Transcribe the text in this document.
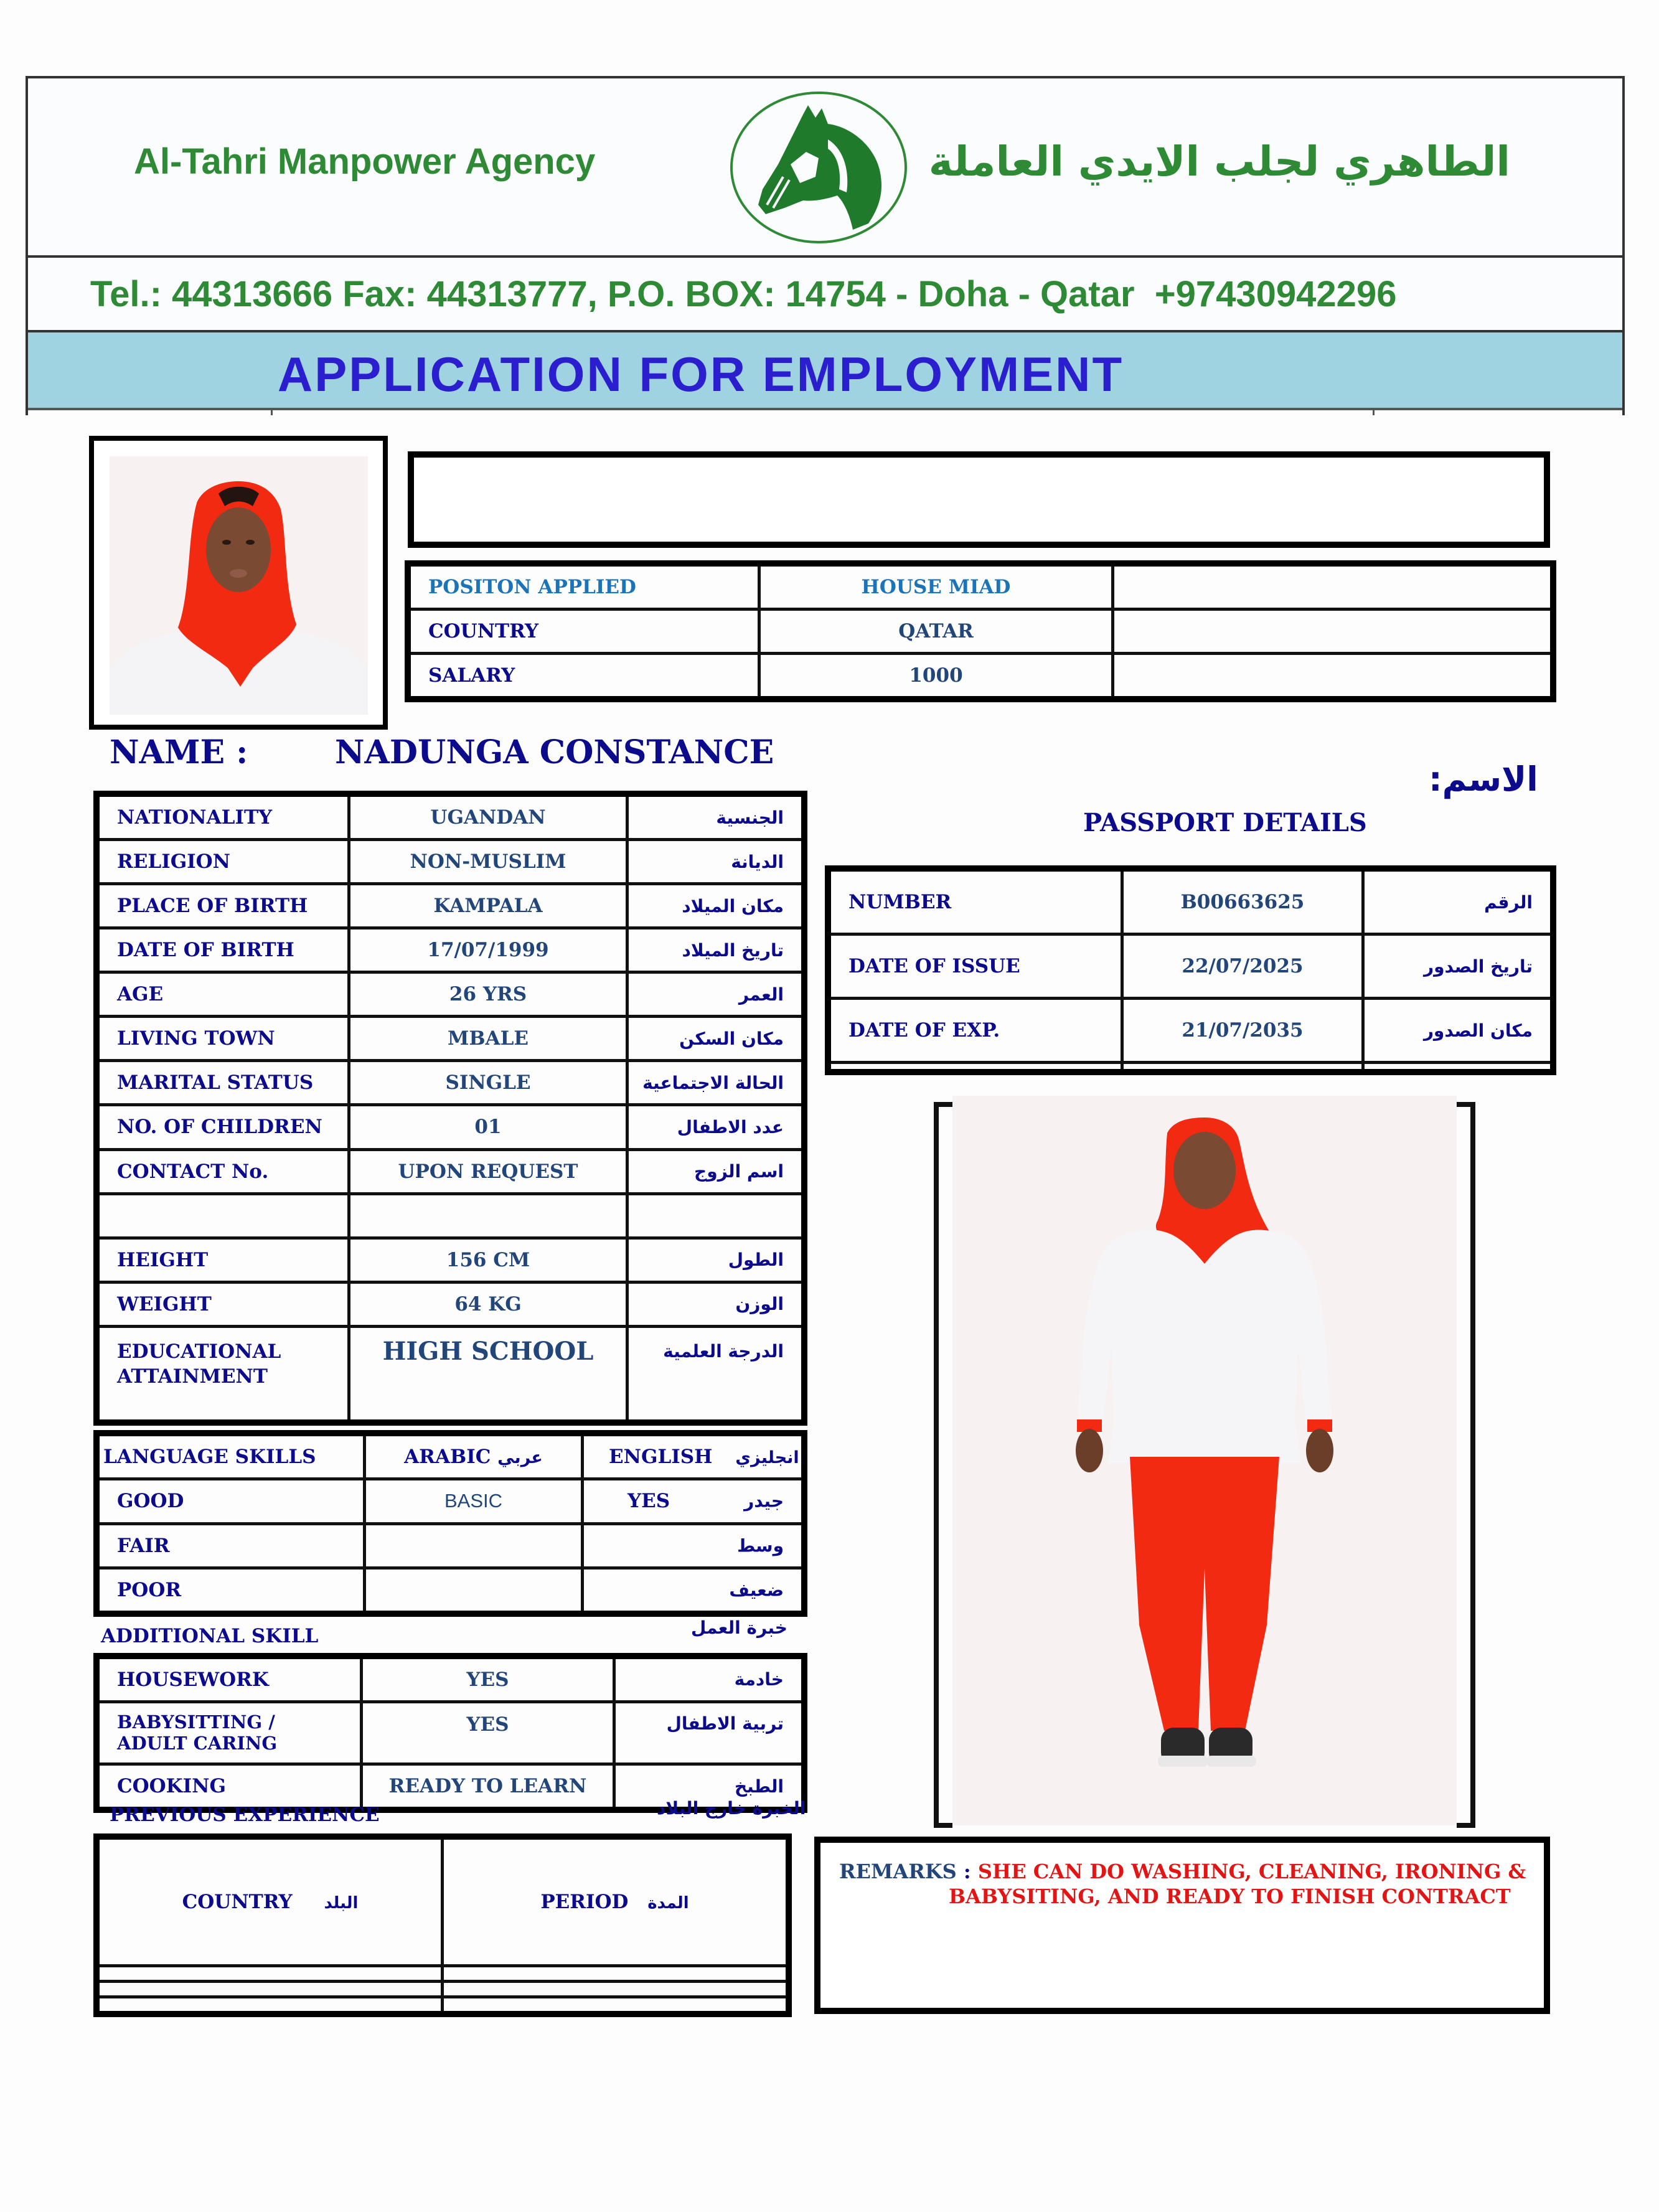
Al-Tahri Manpower Agency	الطاهري لجلب الايدي العاملة
Tel.: 44313666 Fax: 44313777, P.O. BOX: 14754 - Doha - Qatar  +97430942296
APPLICATION FOR EMPLOYMENT
POSITON APPLIED	HOUSE MIAD	
COUNTRY	QATAR	
SALARY	1000	
NAME :	NADUNGA CONSTANCE
الاسم:
NATIONALITY	UGANDAN	الجنسية
RELIGION	NON-MUSLIM	الديانة
PLACE OF BIRTH	KAMPALA	مكان الميلاد
DATE OF BIRTH	17/07/1999	تاريخ الميلاد
AGE	26 YRS	العمر
LIVING TOWN	MBALE	مكان السكن
MARITAL STATUS	SINGLE	الحالة الاجتماعية
NO. OF CHILDREN	01	عدد الاطفال
CONTACT No.	UPON REQUEST	اسم الزوج

HEIGHT	156 CM	الطول
WEIGHT	64 KG	الوزن
EDUCATIONAL ATTAINMENT	HIGH SCHOOL	الدرجة العلمية
PASSPORT DETAILS
NUMBER	B00663625	الرقم
DATE OF ISSUE	22/07/2025	تاريخ الصدور
DATE OF EXP.	21/07/2035	مكان الصدور

LANGUAGE SKILLS	ARABIC عربي	ENGLISH انجليزي
GOOD	BASIC	YES جيدر

FAIR		وسط

POOR		ضعيف
ADDITIONAL SKILL	خبرة العمل
HOUSEWORK	YES	خادمة
BABYSITTING / ADULT CARING	YES	تربية الاطفال
COOKING	READY TO LEARN	الطبخ
PREVIOUS EXPERIENCE	الخبرة خارج البلاد
COUNTRY البلد	PERIOD المدة

REMARKS : SHE CAN DO WASHING, CLEANING, IRONING &
BABYSITING, AND READY TO FINISH CONTRACT
